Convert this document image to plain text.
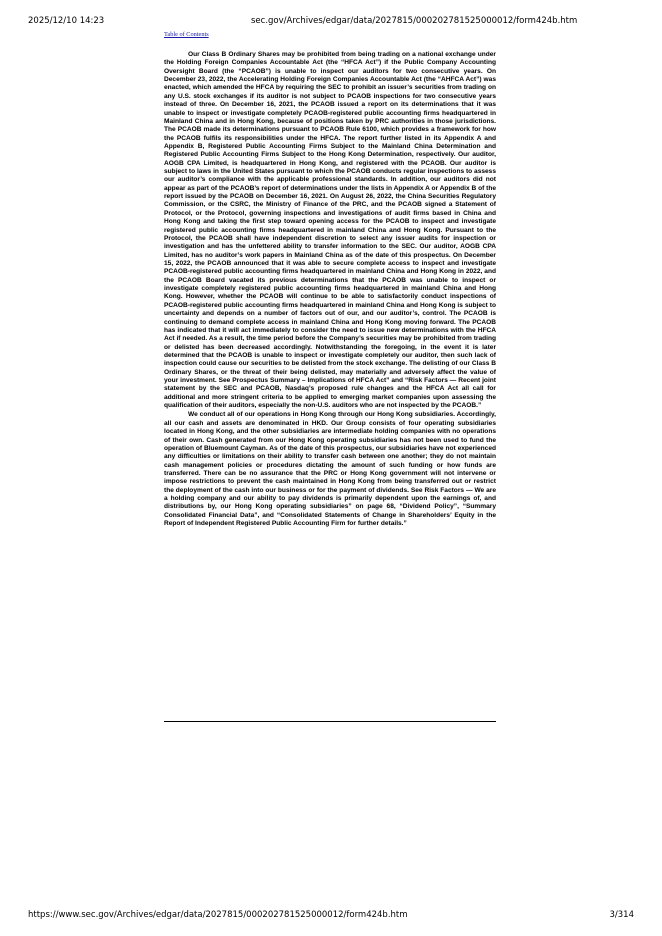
2025/12/10 14:23	sec.gov/Archives/edgar/data/2027815/000202781525000012/form424b.htm
Table of Contents

Our Class B Ordinary Shares may be prohibited from being trading on a national exchange under the Holding Foreign Companies Accountable Act (the “HFCA Act”) if the Public Company Accounting Oversight Board (the “PCAOB”) is unable to inspect our auditors for two consecutive years. On December 23, 2022, the Accelerating Holding Foreign Companies Accountable Act (the “AHFCA Act”) was enacted, which amended the HFCA by requiring the SEC to prohibit an issuer’s securities from trading on any U.S. stock exchanges if its auditor is not subject to PCAOB inspections for two consecutive years instead of three. On December 16, 2021, the PCAOB issued a report on its determinations that it was unable to inspect or investigate completely PCAOB-registered public accounting firms headquartered in Mainland China and in Hong Kong, because of positions taken by PRC authorities in those jurisdictions. The PCAOB made its determinations pursuant to PCAOB Rule 6100, which provides a framework for how the PCAOB fulfils its responsibilities under the HFCA. The report further listed in its Appendix A and Appendix B, Registered Public Accounting Firms Subject to the Mainland China Determination and Registered Public Accounting Firms Subject to the Hong Kong Determination, respectively. Our auditor, AOGB CPA Limited, is headquartered in Hong Kong, and registered with the PCAOB. Our auditor is subject to laws in the United States pursuant to which the PCAOB conducts regular inspections to assess our auditor’s compliance with the applicable professional standards. In addition, our auditors did not appear as part of the PCAOB’s report of determinations under the lists in Appendix A or Appendix B of the report issued by the PCAOB on December 16, 2021. On August 26, 2022, the China Securities Regulatory Commission, or the CSRC, the Ministry of Finance of the PRC, and the PCAOB signed a Statement of Protocol, or the Protocol, governing inspections and investigations of audit firms based in China and Hong Kong and taking the first step toward opening access for the PCAOB to inspect and investigate registered public accounting firms headquartered in mainland China and Hong Kong. Pursuant to the Protocol, the PCAOB shall have independent discretion to select any issuer audits for inspection or investigation and has the unfettered ability to transfer information to the SEC. Our auditor, AOGB CPA Limited, has no auditor’s work papers in Mainland China as of the date of this prospectus. On December 15, 2022, the PCAOB announced that it was able to secure complete access to inspect and investigate PCAOB-registered public accounting firms headquartered in mainland China and Hong Kong in 2022, and the PCAOB Board vacated its previous determinations that the PCAOB was unable to inspect or investigate completely registered public accounting firms headquartered in mainland China and Hong Kong. However, whether the PCAOB will continue to be able to satisfactorily conduct inspections of PCAOB-registered public accounting firms headquartered in mainland China and Hong Kong is subject to uncertainty and depends on a number of factors out of our, and our auditor’s, control. The PCAOB is continuing to demand complete access in mainland China and Hong Kong moving forward. The PCAOB has indicated that it will act immediately to consider the need to issue new determinations with the HFCA Act if needed. As a result, the time period before the Company’s securities may be prohibited from trading or delisted has been decreased accordingly. Notwithstanding the foregoing, in the event it is later determined that the PCAOB is unable to inspect or investigate completely our auditor, then such lack of inspection could cause our securities to be delisted from the stock exchange. The delisting of our Class B Ordinary Shares, or the threat of their being delisted, may materially and adversely affect the value of your investment. See Prospectus Summary – Implications of HFCA Act” and “Risk Factors — Recent joint statement by the SEC and PCAOB, Nasdaq’s proposed rule changes and the HFCA Act all call for additional and more stringent criteria to be applied to emerging market companies upon assessing the qualification of their auditors, especially the non-U.S. auditors who are not inspected by the PCAOB.”

We conduct all of our operations in Hong Kong through our Hong Kong subsidiaries. Accordingly, all our cash and assets are denominated in HKD. Our Group consists of four operating subsidiaries located in Hong Kong, and the other subsidiaries are intermediate holding companies with no operations of their own. Cash generated from our Hong Kong operating subsidiaries has not been used to fund the operation of Bluemount Cayman. As of the date of this prospectus, our subsidiaries have not experienced any difficulties or limitations on their ability to transfer cash between one another; they do not maintain cash management policies or procedures dictating the amount of such funding or how funds are transferred. There can be no assurance that the PRC or Hong Kong government will not intervene or impose restrictions to prevent the cash maintained in Hong Kong from being transferred out or restrict the deployment of the cash into our business or for the payment of dividends. See Risk Factors — We are a holding company and our ability to pay dividends is primarily dependent upon the earnings of, and distributions by, our Hong Kong operating subsidiaries” on page 68, “Dividend Policy”, “Summary Consolidated Financial Data”, and “Consolidated Statements of Change in Shareholders’ Equity in the Report of Independent Registered Public Accounting Firm for further details.”

https://www.sec.gov/Archives/edgar/data/2027815/000202781525000012/form424b.htm	3/314
